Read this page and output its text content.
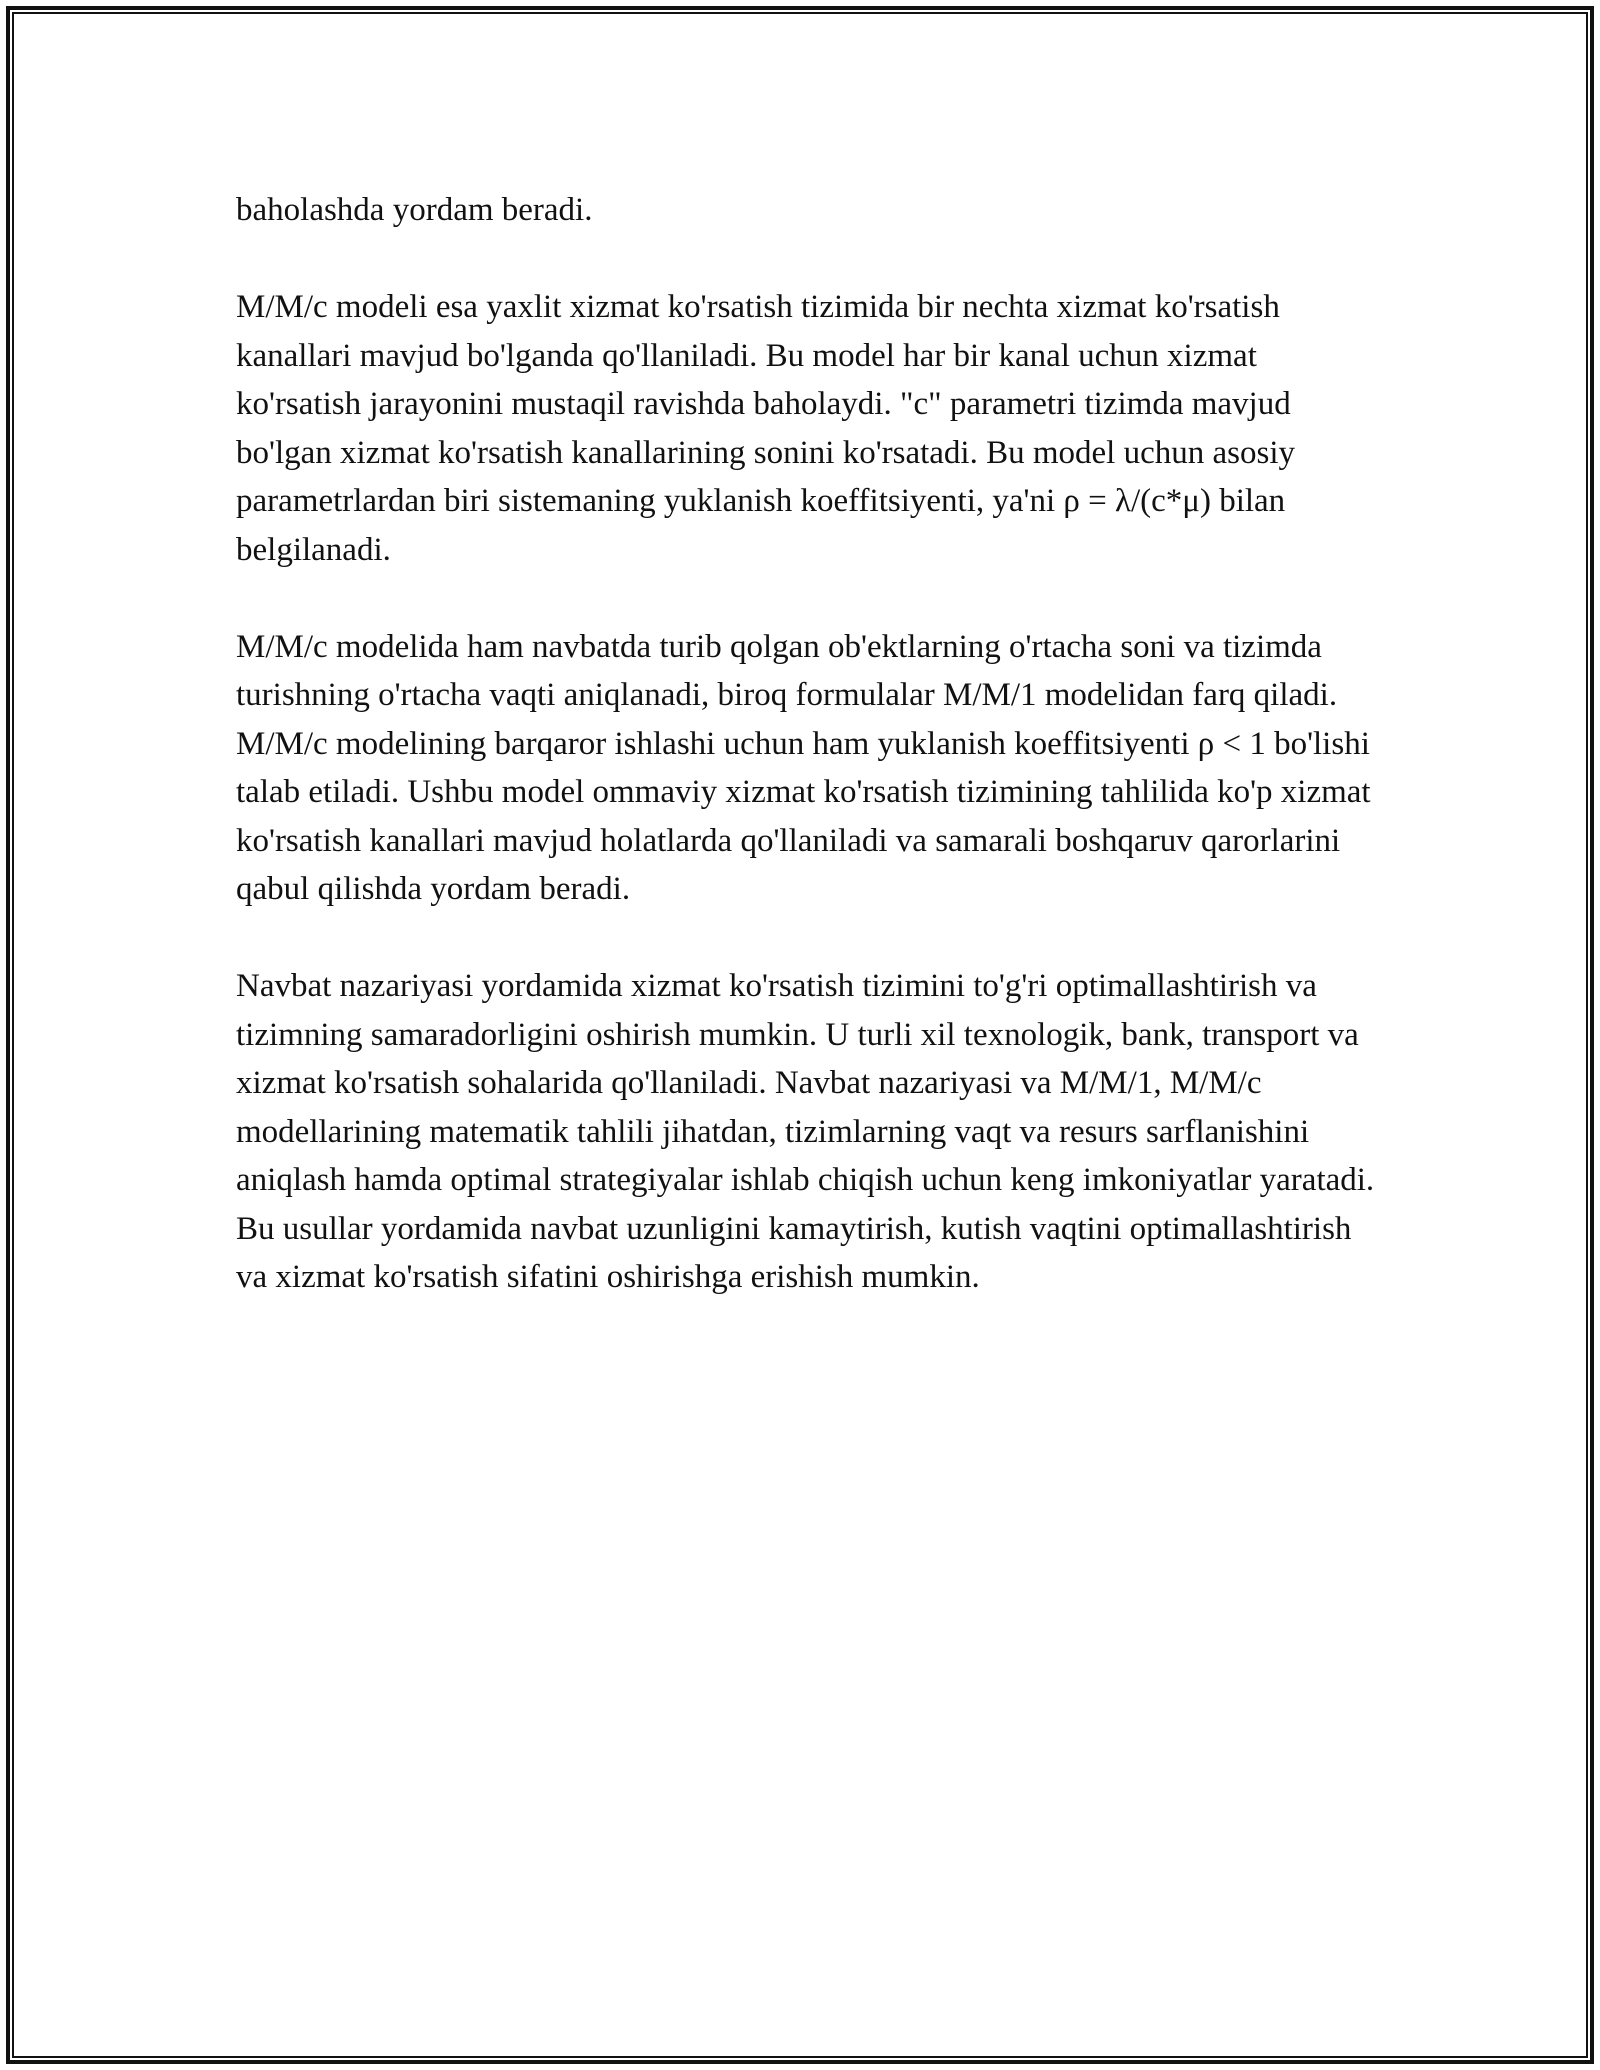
baholashda yordam beradi.

M/M/c modeli esa yaxlit xizmat ko'rsatish tizimida bir nechta xizmat ko'rsatish kanallari mavjud bo'lganda qo'llaniladi. Bu model har bir kanal uchun xizmat ko'rsatish jarayonini mustaqil ravishda baholaydi. "c" parametri tizimda mavjud bo'lgan xizmat ko'rsatish kanallarining sonini ko'rsatadi. Bu model uchun asosiy parametrlardan biri sistemaning yuklanish koeffitsiyenti, ya'ni ρ = λ/(c*μ) bilan belgilanadi.

M/M/c modelida ham navbatda turib qolgan ob'ektlarning o'rtacha soni va tizimda turishning o'rtacha vaqti aniqlanadi, biroq formulalar M/M/1 modelidan farq qiladi. M/M/c modelining barqaror ishlashi uchun ham yuklanish koeffitsiyenti ρ < 1 bo'lishi talab etiladi. Ushbu model ommaviy xizmat ko'rsatish tizimining tahlilida ko'p xizmat ko'rsatish kanallari mavjud holatlarda qo'llaniladi va samarali boshqaruv qarorlarini qabul qilishda yordam beradi.

Navbat nazariyasi yordamida xizmat ko'rsatish tizimini to'g'ri optimallashtirish va tizimning samaradorligini oshirish mumkin. U turli xil texnologik, bank, transport va xizmat ko'rsatish sohalarida qo'llaniladi. Navbat nazariyasi va M/M/1, M/M/c modellarining matematik tahlili jihatdan, tizimlarning vaqt va resurs sarflanishini aniqlash hamda optimal strategiyalar ishlab chiqish uchun keng imkoniyatlar yaratadi. Bu usullar yordamida navbat uzunligini kamaytirish, kutish vaqtini optimallashtirish va xizmat ko'rsatish sifatini oshirishga erishish mumkin.
